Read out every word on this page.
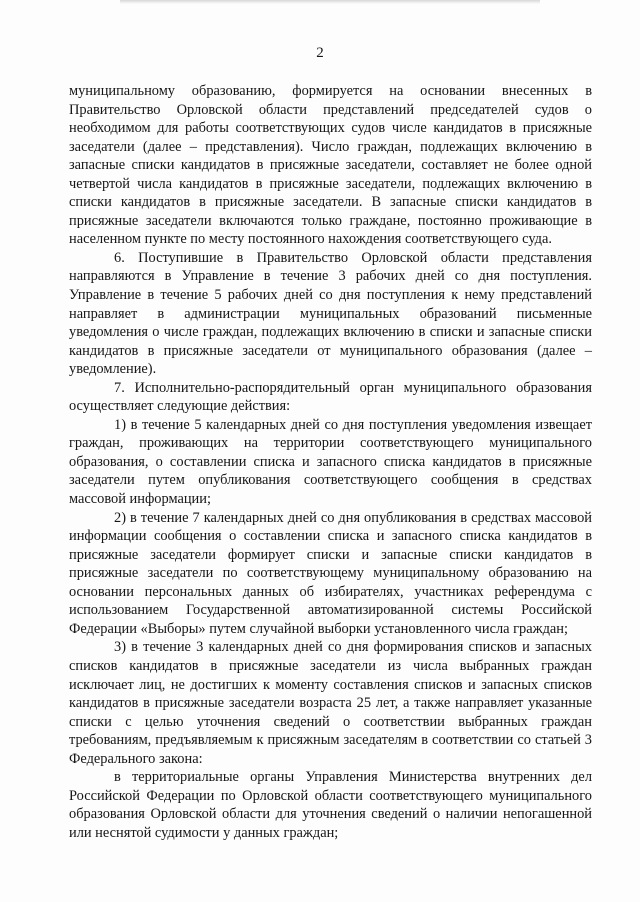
2

муниципальному образованию, формируется на основании внесенных в Правительство Орловской области представлений председателей судов о необходимом для работы соответствующих судов числе кандидатов в присяжные заседатели (далее – представления). Число граждан, подлежащих включению в запасные списки кандидатов в присяжные заседатели, составляет не более одной четвертой числа кандидатов в присяжные заседатели, подлежащих включению в списки кандидатов в присяжные заседатели. В запасные списки кандидатов в присяжные заседатели включаются только граждане, постоянно проживающие в населенном пункте по месту постоянного нахождения соответствующего суда.

6. Поступившие в Правительство Орловской области представления направляются в Управление в течение 3 рабочих дней со дня поступления. Управление в течение 5 рабочих дней со дня поступления к нему представлений направляет в администрации муниципальных образований письменные уведомления о числе граждан, подлежащих включению в списки и запасные списки кандидатов в присяжные заседатели от муниципального образования (далее – уведомление).

7. Исполнительно-распорядительный орган муниципального образования осуществляет следующие действия:

1) в течение 5 календарных дней со дня поступления уведомления извещает граждан, проживающих на территории соответствующего муниципального образования, о составлении списка и запасного списка кандидатов в присяжные заседатели путем опубликования соответствующего сообщения в средствах массовой информации;

2) в течение 7 календарных дней со дня опубликования в средствах массовой информации сообщения о составлении списка и запасного списка кандидатов в присяжные заседатели формирует списки и запасные списки кандидатов в присяжные заседатели по соответствующему муниципальному образованию на основании персональных данных об избирателях, участниках референдума с использованием Государственной автоматизированной системы Российской Федерации «Выборы» путем случайной выборки установленного числа граждан;

3) в течение 3 календарных дней со дня формирования списков и запасных списков кандидатов в присяжные заседатели из числа выбранных граждан исключает лиц, не достигших к моменту составления списков и запасных списков кандидатов в присяжные заседатели возраста 25 лет, а также направляет указанные списки с целью уточнения сведений о соответствии выбранных граждан требованиям, предъявляемым к присяжным заседателям в соответствии со статьей 3 Федерального закона:

в территориальные органы Управления Министерства внутренних дел Российской Федерации по Орловской области соответствующего муниципального образования Орловской области для уточнения сведений о наличии непогашенной или неснятой судимости у данных граждан;
